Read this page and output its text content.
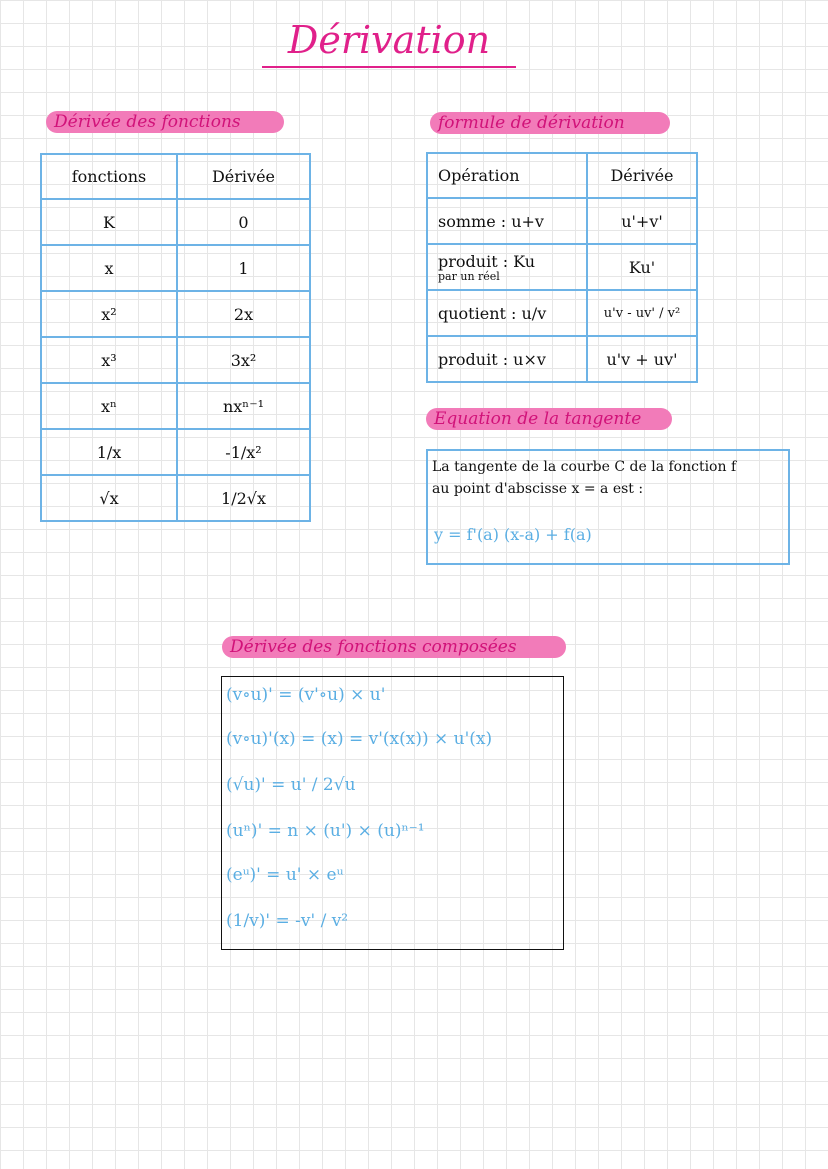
Dérivation
Dérivée des fonctions
fonctions	Dérivée
K	0
x	1
x²	2x
x³	3x²
xⁿ	nxⁿ⁻¹
1/x	-1/x²
√x	1/2√x
formule de dérivation
Opération	Dérivée
somme : u+v	u'+v'
produit : Ku
par un réel	Ku'
quotient : u/v	u'v - uv' / v²
produit : u×v	u'v + uv'
Equation de la tangente
La tangente de la courbe C de la fonction f
au point d'abscisse x = a est :
y = f'(a) (x-a) + f(a)
Dérivée des fonctions composées
(v∘u)' = (v'∘u) × u'
(v∘u)'(x) = (x) = v'(x(x)) × u'(x)
(√u)' = u' / 2√u
(uⁿ)' = n × (u') × (u)ⁿ⁻¹
(eᵘ)' = u' × eᵘ
(1/v)' = -v' / v²
